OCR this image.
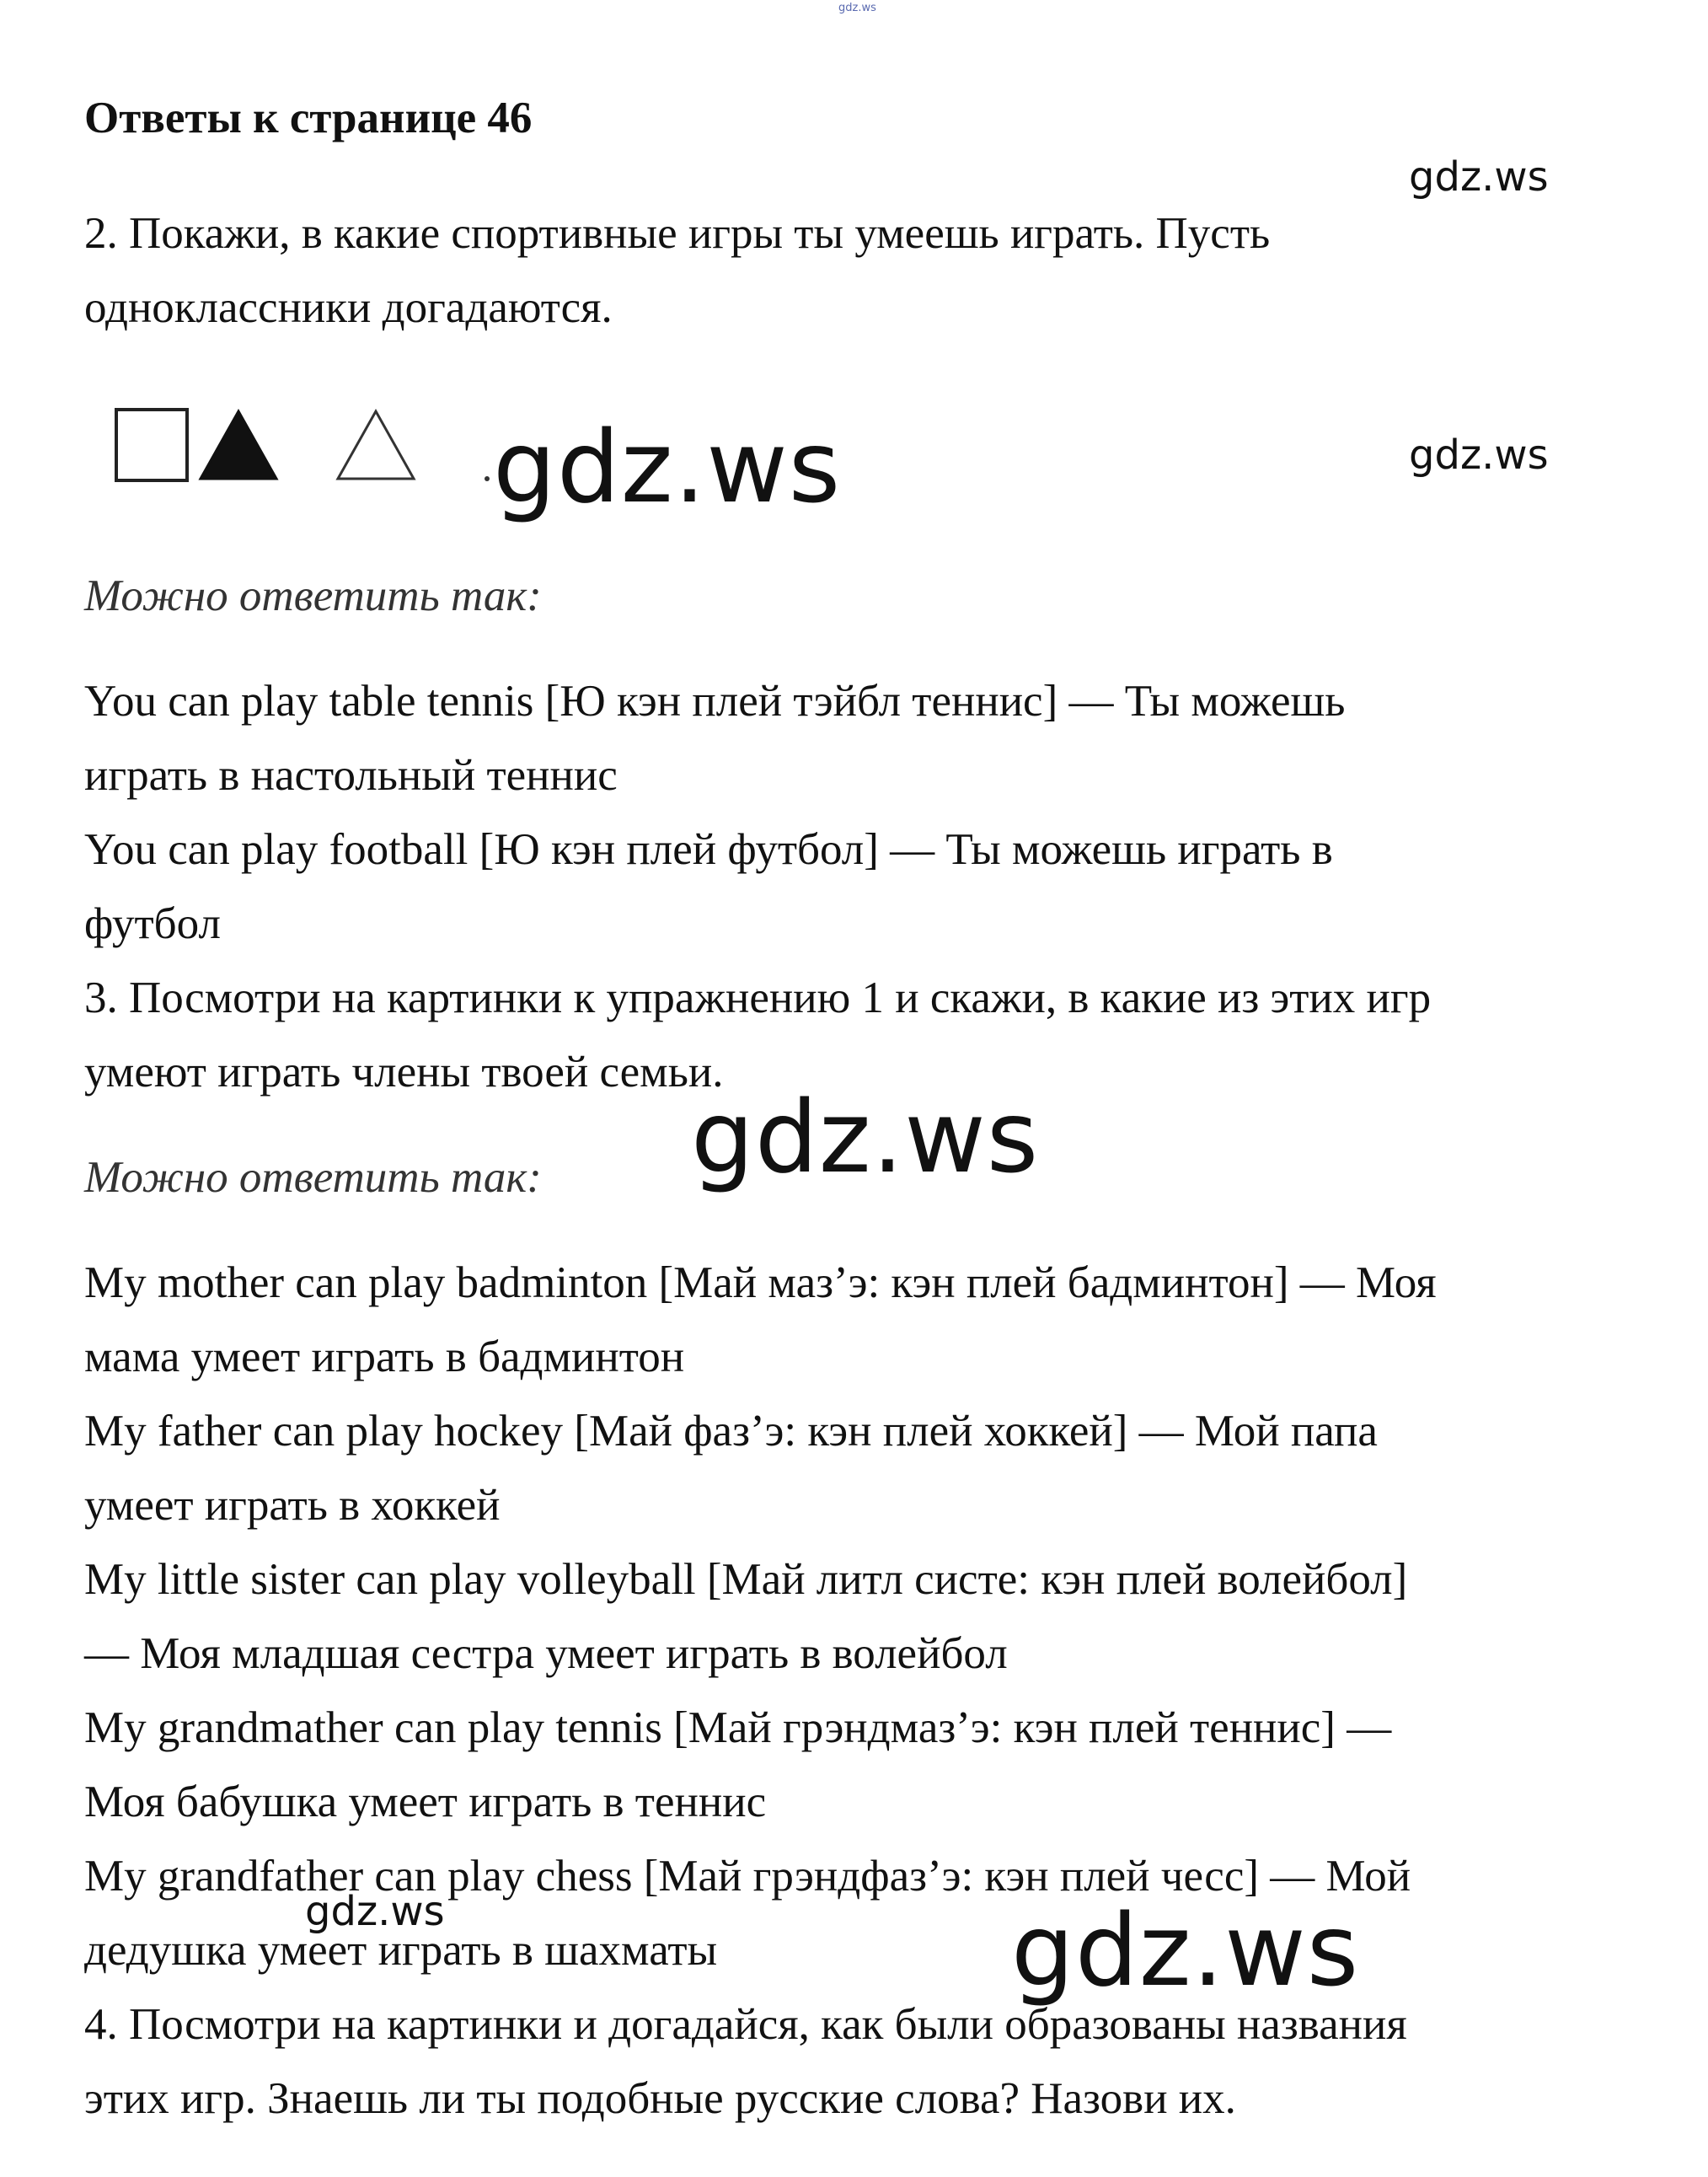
gdz.ws
Ответы к странице 46
gdz.ws
gdz.ws
2. Покажи, в какие спортивные игры ты умеешь играть. Пусть
одноклассники догадаются.
gdz.ws
Можно ответить так:
You can play table tennis [Ю кэн плей тэйбл теннис] — Ты можешь
играть в настольный теннис
You can play football [Ю кэн плей футбол] — Ты можешь играть в
футбол
3. Посмотри на картинки к упражнению 1 и скажи, в какие из этих игр
умеют играть члены твоей семьи.
Можно ответить так: gdz.ws
My mother can play badminton [Май маз’э: кэн плей бадминтон] — Моя
мама умеет играть в бадминтон
My father can play hockey [Май фаз’э: кэн плей хоккей] — Мой папа
умеет играть в хоккей
My little sister can play volleyball [Май литл систе: кэн плей волейбол]
— Моя младшая сестра умеет играть в волейбол
My grandmather can play tennis [Май грэндмаз’э: кэн плей теннис] —
Моя бабушка умеет играть в теннис
My grandfather can play chess [Май грэндфаз’э: кэн плей чесс] — Мой
дедушка умеет играть в шахматы
gdz.ws	gdz.ws
4. Посмотри на картинки и догадайся, как были образованы названия
этих игр. Знаешь ли ты подобные русские слова? Назови их.
